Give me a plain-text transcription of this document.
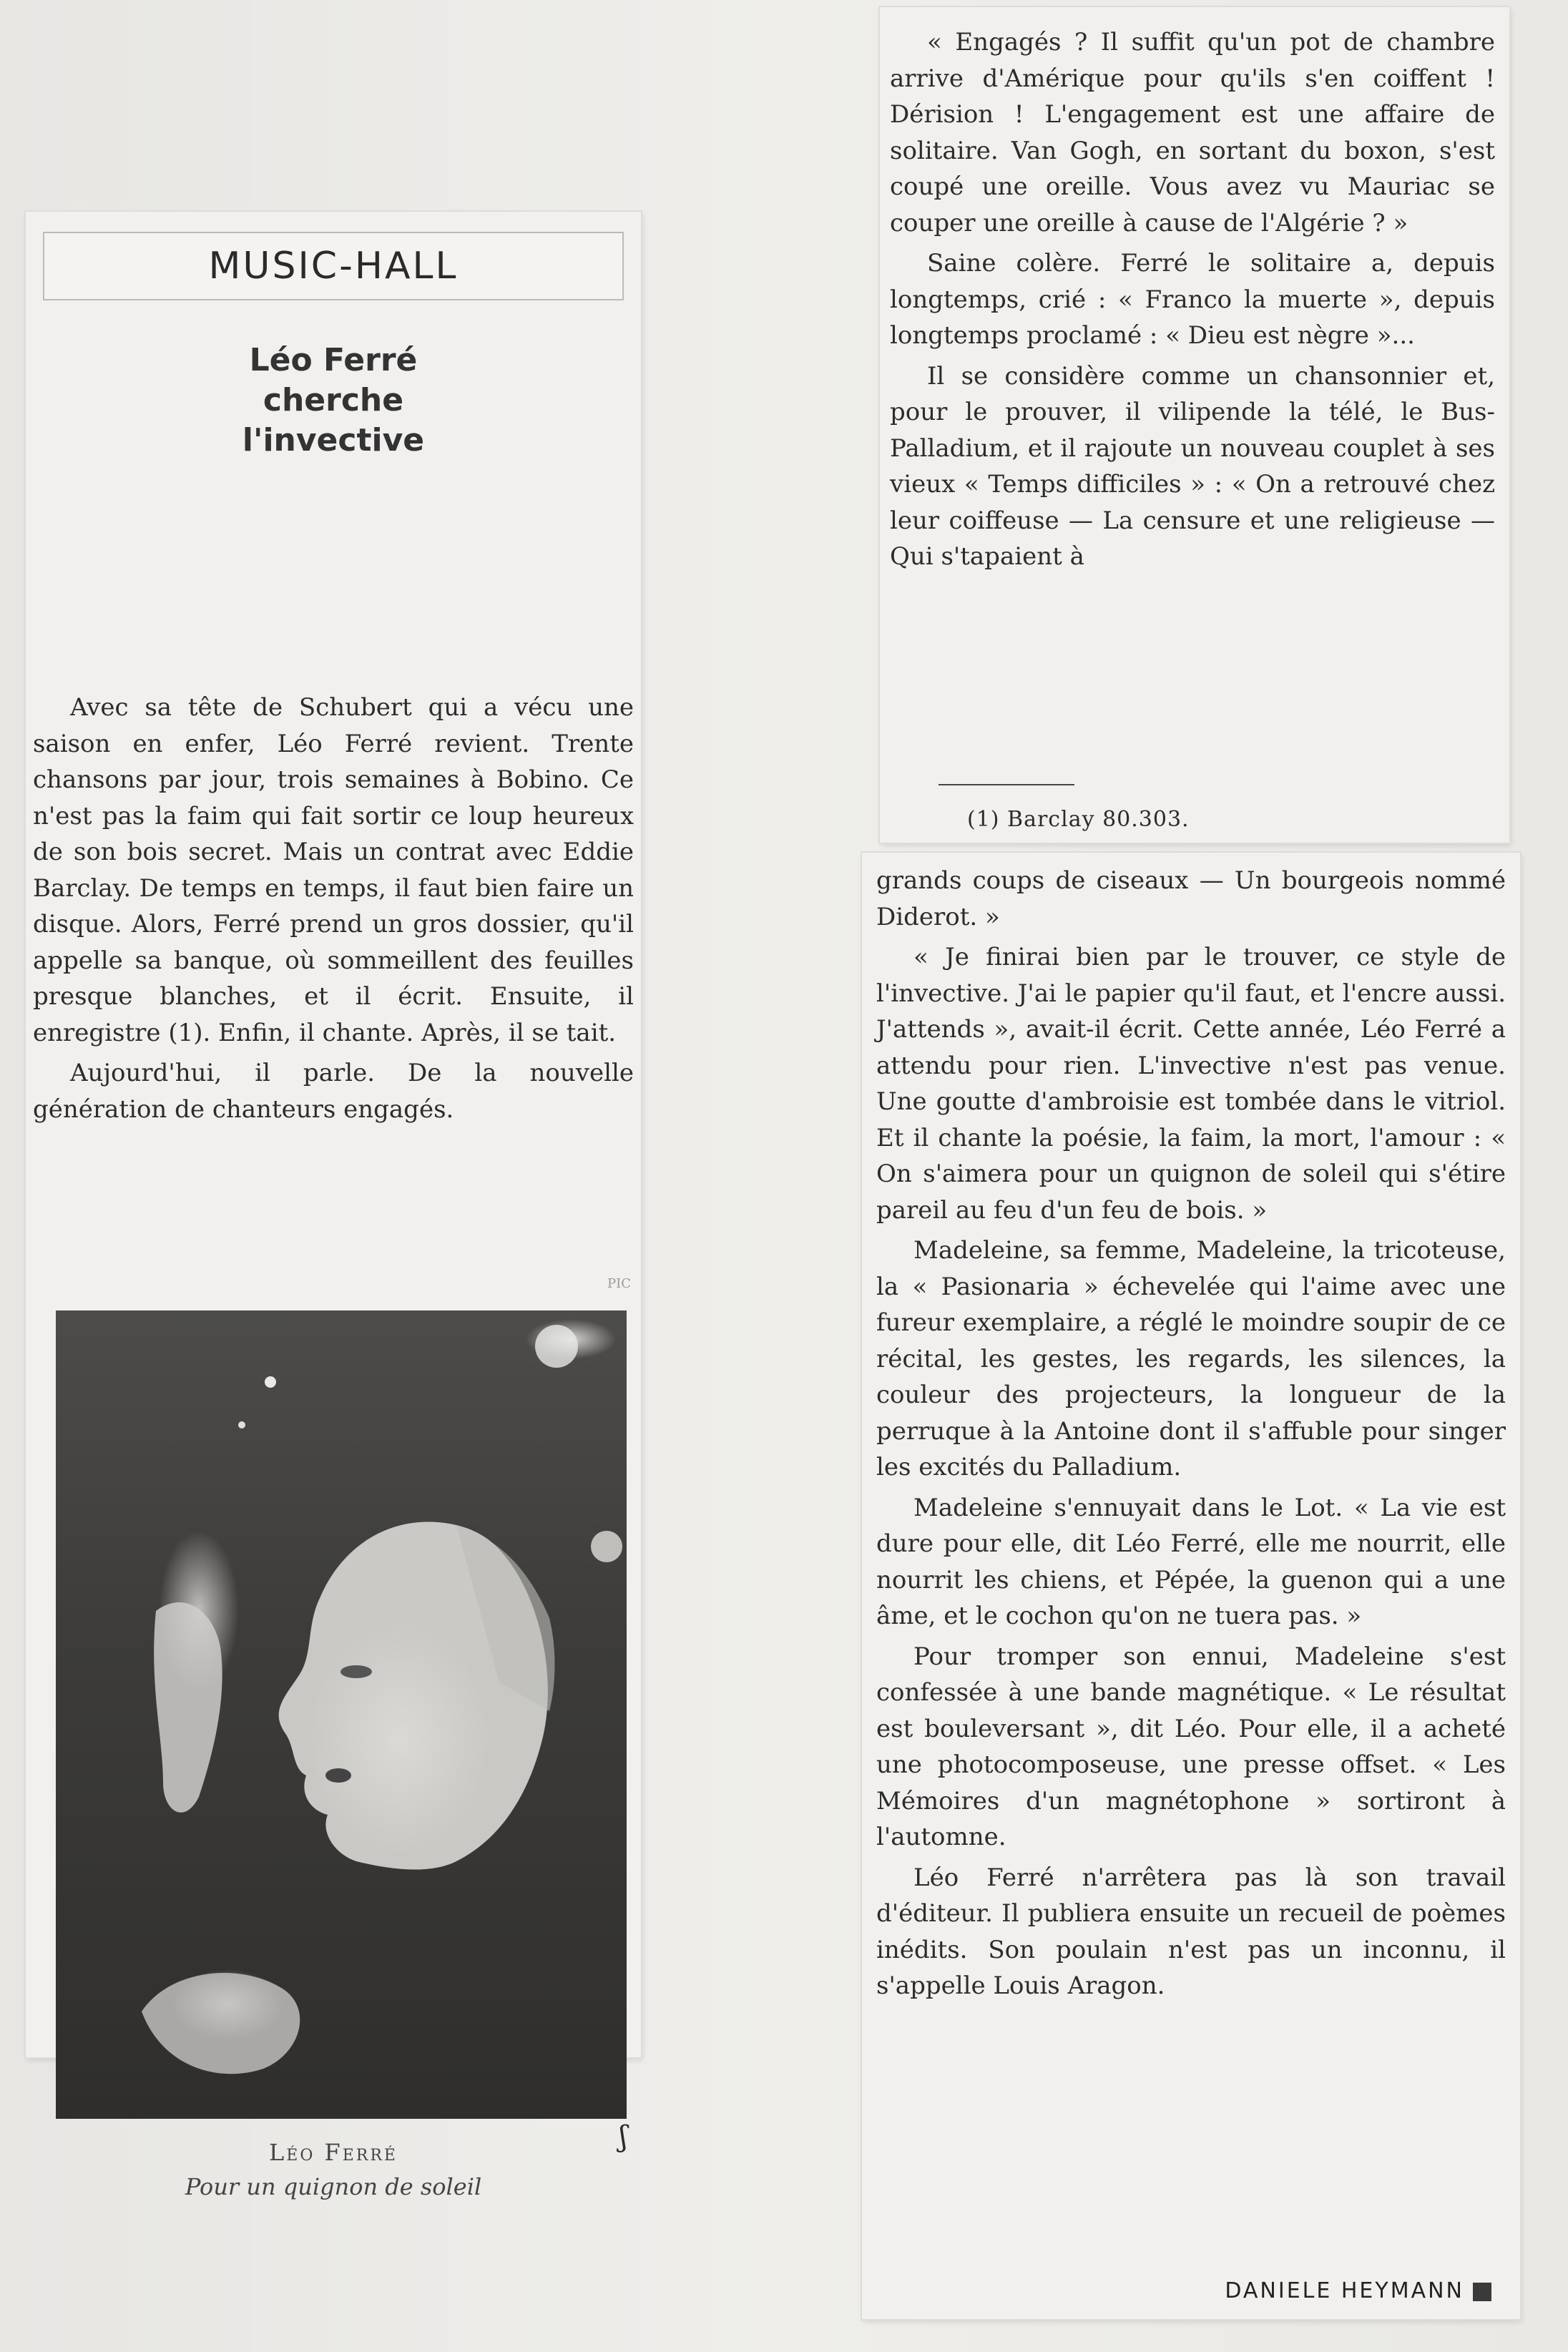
MUSIC-HALL
Léo Ferré
cherche
l'invective

Avec sa tête de Schubert qui a vécu une saison en enfer, Léo Ferré revient. Trente chansons par jour, trois semaines à Bobino. Ce n'est pas la faim qui fait sortir ce loup heureux de son bois secret. Mais un contrat avec Eddie Barclay. De temps en temps, il faut bien faire un disque. Alors, Ferré prend un gros dossier, qu'il appelle sa banque, où sommeillent des feuilles presque blanches, et il écrit. Ensuite, il enregistre (1). Enfin, il chante. Après, il se tait.

Aujourd'hui, il parle. De la nouvelle génération de chanteurs engagés.

PIC
ʃ
Léo Ferré
Pour un quignon de soleil

« Engagés ? Il suffit qu'un pot de chambre arrive d'Amérique pour qu'ils s'en coiffent ! Dérision ! L'engagement est une affaire de solitaire. Van Gogh, en sortant du boxon, s'est coupé une oreille. Vous avez vu Mauriac se couper une oreille à cause de l'Algérie ? »

Saine colère. Ferré le solitaire a, depuis longtemps, crié : « Franco la muerte », depuis longtemps proclamé : « Dieu est nègre »...

Il se considère comme un chansonnier et, pour le prouver, il vilipende la télé, le Bus-Palladium, et il rajoute un nouveau couplet à ses vieux « Temps difficiles » : « On a retrouvé chez leur coiffeuse — La censure et une religieuse — Qui s'tapaient à

(1) Barclay 80.303.

grands coups de ciseaux — Un bourgeois nommé Diderot. »

« Je finirai bien par le trouver, ce style de l'invective. J'ai le papier qu'il faut, et l'encre aussi. J'attends », avait-il écrit. Cette année, Léo Ferré a attendu pour rien. L'invective n'est pas venue. Une goutte d'ambroisie est tombée dans le vitriol. Et il chante la poésie, la faim, la mort, l'amour : « On s'aimera pour un quignon de soleil qui s'étire pareil au feu d'un feu de bois. »

Madeleine, sa femme, Madeleine, la tricoteuse, la « Pasionaria » échevelée qui l'aime avec une fureur exemplaire, a réglé le moindre soupir de ce récital, les gestes, les regards, les silences, la couleur des projecteurs, la longueur de la perruque à la Antoine dont il s'affuble pour singer les excités du Palladium.

Madeleine s'ennuyait dans le Lot. « La vie est dure pour elle, dit Léo Ferré, elle me nourrit, elle nourrit les chiens, et Pépée, la guenon qui a une âme, et le cochon qu'on ne tuera pas. »

Pour tromper son ennui, Madeleine s'est confessée à une bande magnétique. « Le résultat est bouleversant », dit Léo. Pour elle, il a acheté une photocomposeuse, une presse offset. « Les Mémoires d'un magnétophone » sortiront à l'automne.

Léo Ferré n'arrêtera pas là son travail d'éditeur. Il publiera ensuite un recueil de poèmes inédits. Son poulain n'est pas un inconnu, il s'appelle Louis Aragon.

DANIELE HEYMANN
